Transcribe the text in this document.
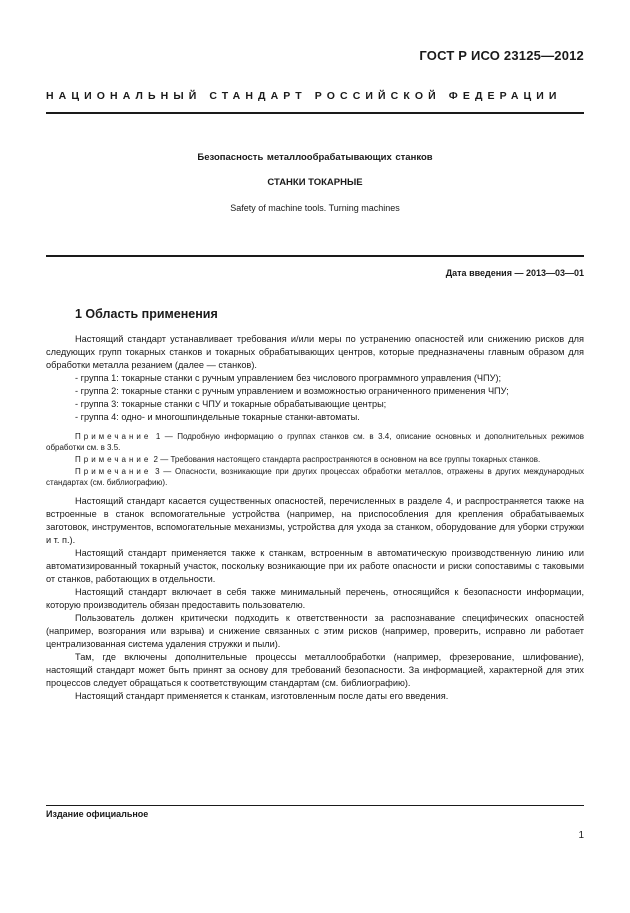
ГОСТ Р ИСО 23125—2012
НАЦИОНАЛЬНЫЙ СТАНДАРТ РОССИЙСКОЙ ФЕДЕРАЦИИ
Безопасность металлообрабатывающих станков
СТАНКИ ТОКАРНЫЕ
Safety of machine tools. Turning machines
Дата введения — 2013—03—01
1 Область применения

Настоящий стандарт устанавливает требования и/или меры по устранению опасностей или снижению рисков для следующих групп токарных станков и токарных обрабатывающих центров, которые предназначены главным образом для обработки металла резанием (далее — станков).

- группа 1: токарные станки с ручным управлением без числового программного управления (ЧПУ);

- группа 2: токарные станки с ручным управлением и возможностью ограниченного применения ЧПУ;

- группа 3: токарные станки с ЧПУ и токарные обрабатывающие центры;

- группа 4: одно- и многошпиндельные токарные станки-автоматы.

Примечание 1 — Подробную информацию о группах станков см. в 3.4, описание основных и дополнительных режимов обработки см. в 3.5.

Примечание 2 — Требования настоящего стандарта распространяются в основном на все группы токарных станков.

Примечание 3 — Опасности, возникающие при других процессах обработки металлов, отражены в других международных стандартах (см. библиографию).

Настоящий стандарт касается существенных опасностей, перечисленных в разделе 4, и распространяется также на встроенные в станок вспомогательные устройства (например, на приспособления для крепления обрабатываемых заготовок, инструментов, вспомогательные механизмы, устройства для ухода за станком, оборудование для уборки стружки и т. п.).

Настоящий стандарт применяется также к станкам, встроенным в автоматическую производственную линию или автоматизированный токарный участок, поскольку возникающие при их работе опасности и риски сопоставимы с таковыми от станков, работающих в отдельности.

Настоящий стандарт включает в себя также минимальный перечень, относящийся к безопасности информации, которую производитель обязан предоставить пользователю.

Пользователь должен критически подходить к ответственности за распознавание специфических опасностей (например, возгорания или взрыва) и снижение связанных с этим рисков (например, проверить, исправно ли работает централизованная система удаления стружки и пыли).

Там, где включены дополнительные процессы металлообработки (например, фрезерование, шлифование), настоящий стандарт может быть принят за основу для требований безопасности. За информацией, характерной для этих процессов следует обращаться к соответствующим стандартам (см. библиографию).

Настоящий стандарт применяется к станкам, изготовленным после даты его введения.

Издание официальное
1
